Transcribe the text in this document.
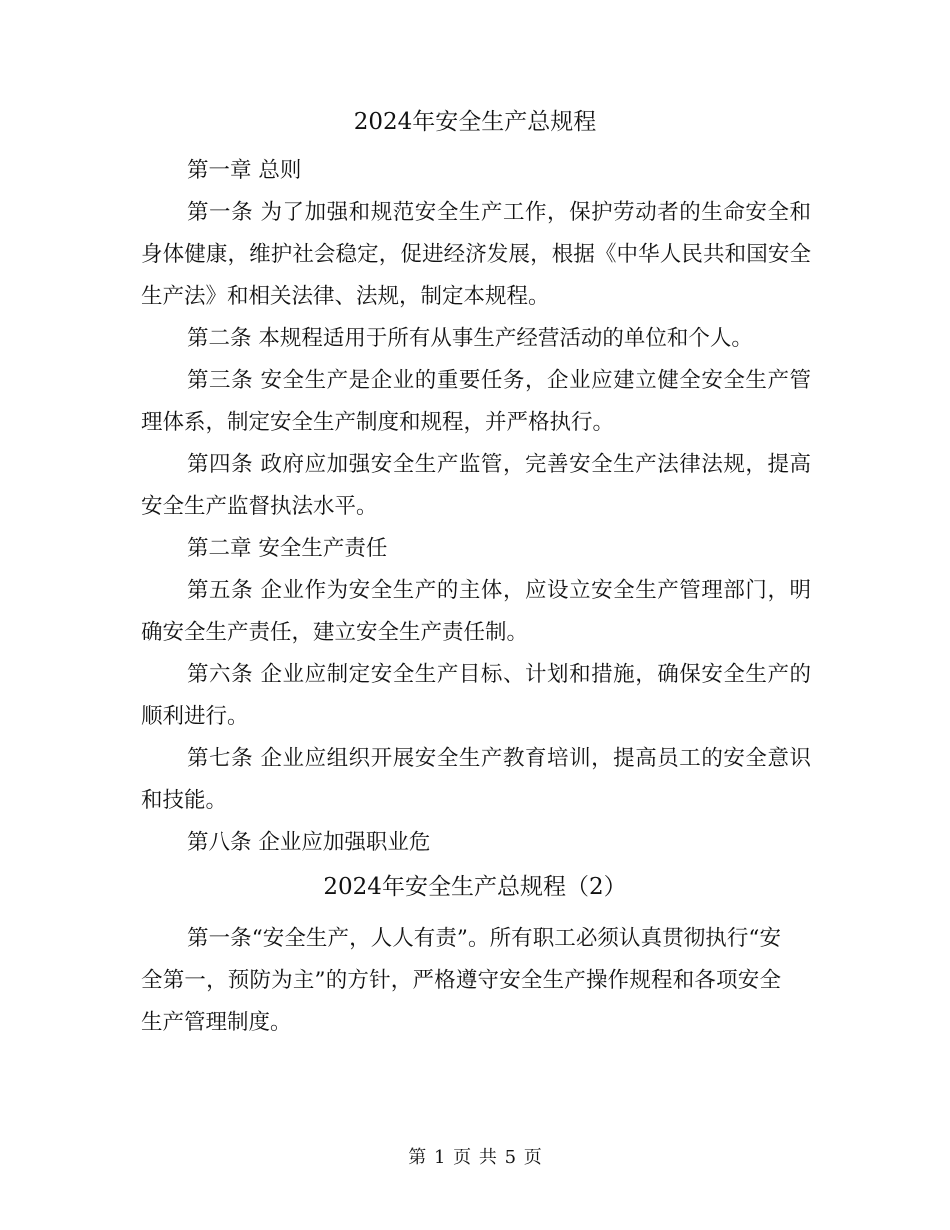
2024年安全生产总规程

第一章 总则

第一条 为了加强和规范安全生产工作，保护劳动者的生命安全和身体健康，维护社会稳定，促进经济发展，根据《中华人民共和国安全生产法》和相关法律、法规，制定本规程。

第二条 本规程适用于所有从事生产经营活动的单位和个人。

第三条 安全生产是企业的重要任务，企业应建立健全安全生产管理体系，制定安全生产制度和规程，并严格执行。

第四条 政府应加强安全生产监管，完善安全生产法律法规，提高安全生产监督执法水平。

第二章 安全生产责任

第五条 企业作为安全生产的主体，应设立安全生产管理部门，明确安全生产责任，建立安全生产责任制。

第六条 企业应制定安全生产目标、计划和措施，确保安全生产的顺利进行。

第七条 企业应组织开展安全生产教育培训，提高员工的安全意识和技能。

第八条 企业应加强职业危

2024年安全生产总规程（2）

第一条“安全生产，人人有责”。所有职工必须认真贯彻执行“安全第一，预防为主”的方针，严格遵守安全生产操作规程和各项安全生产管理制度。

第 1 页 共 5 页
